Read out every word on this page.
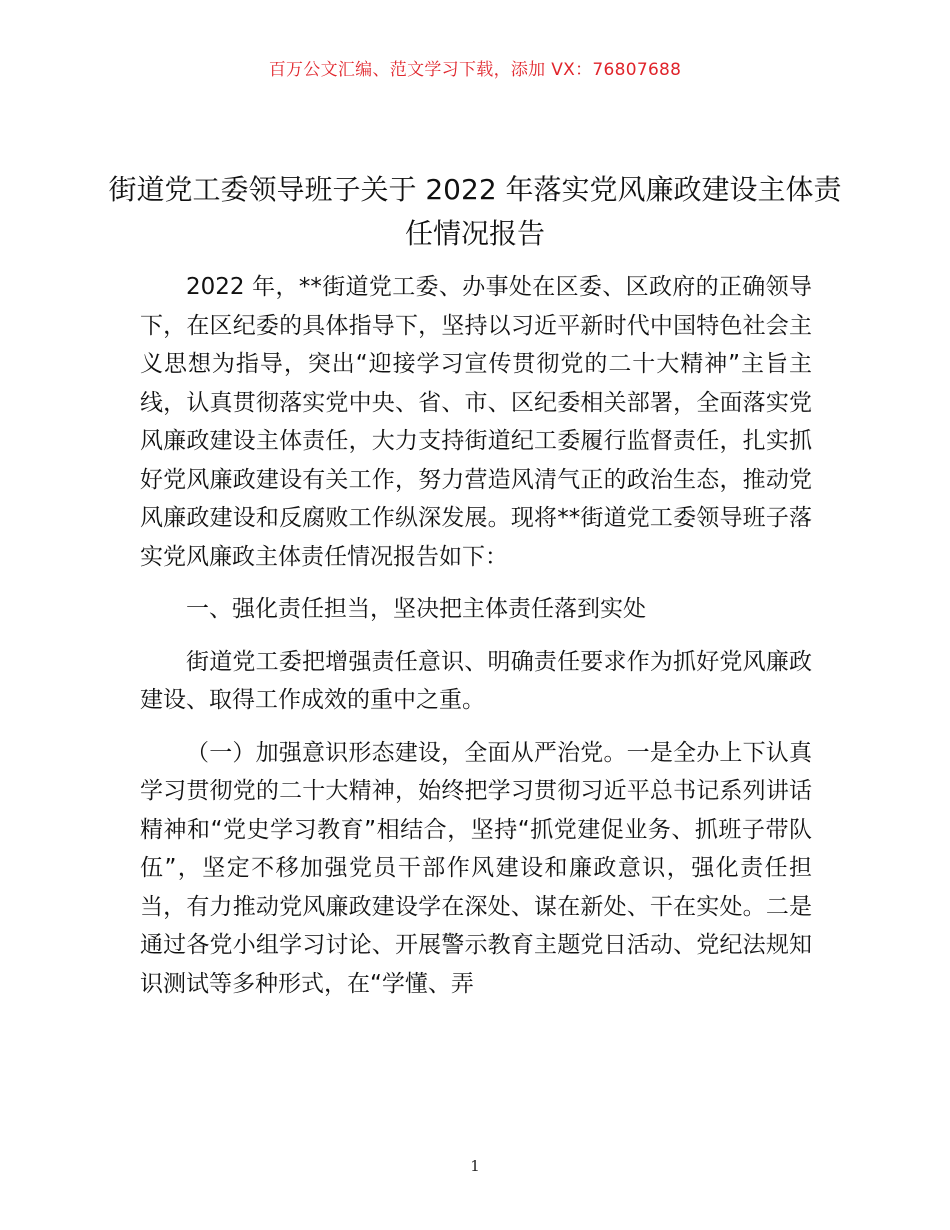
百万公文汇编、范文学习下载，添加 VX：76807688

街道党工委领导班子关于 2022 年落实党风廉政建设主体责任情况报告

2022 年，**街道党工委、办事处在区委、区政府的正确领导下，在区纪委的具体指导下，坚持以习近平新时代中国特色社会主义思想为指导，突出“迎接学习宣传贯彻党的二十大精神”主旨主线，认真贯彻落实党中央、省、市、区纪委相关部署，全面落实党风廉政建设主体责任，大力支持街道纪工委履行监督责任，扎实抓好党风廉政建设有关工作，努力营造风清气正的政治生态，推动党风廉政建设和反腐败工作纵深发展。现将**街道党工委领导班子落实党风廉政主体责任情况报告如下：

一、强化责任担当，坚决把主体责任落到实处

街道党工委把增强责任意识、明确责任要求作为抓好党风廉政建设、取得工作成效的重中之重。

（一）加强意识形态建设，全面从严治党。一是全办上下认真学习贯彻党的二十大精神，始终把学习贯彻习近平总书记系列讲话精神和“党史学习教育”相结合，坚持“抓党建促业务、抓班子带队伍”，坚定不移加强党员干部作风建设和廉政意识，强化责任担当，有力推动党风廉政建设学在深处、谋在新处、干在实处。二是通过各党小组学习讨论、开展警示教育主题党日活动、党纪法规知识测试等多种形式，在“学懂、弄

1
